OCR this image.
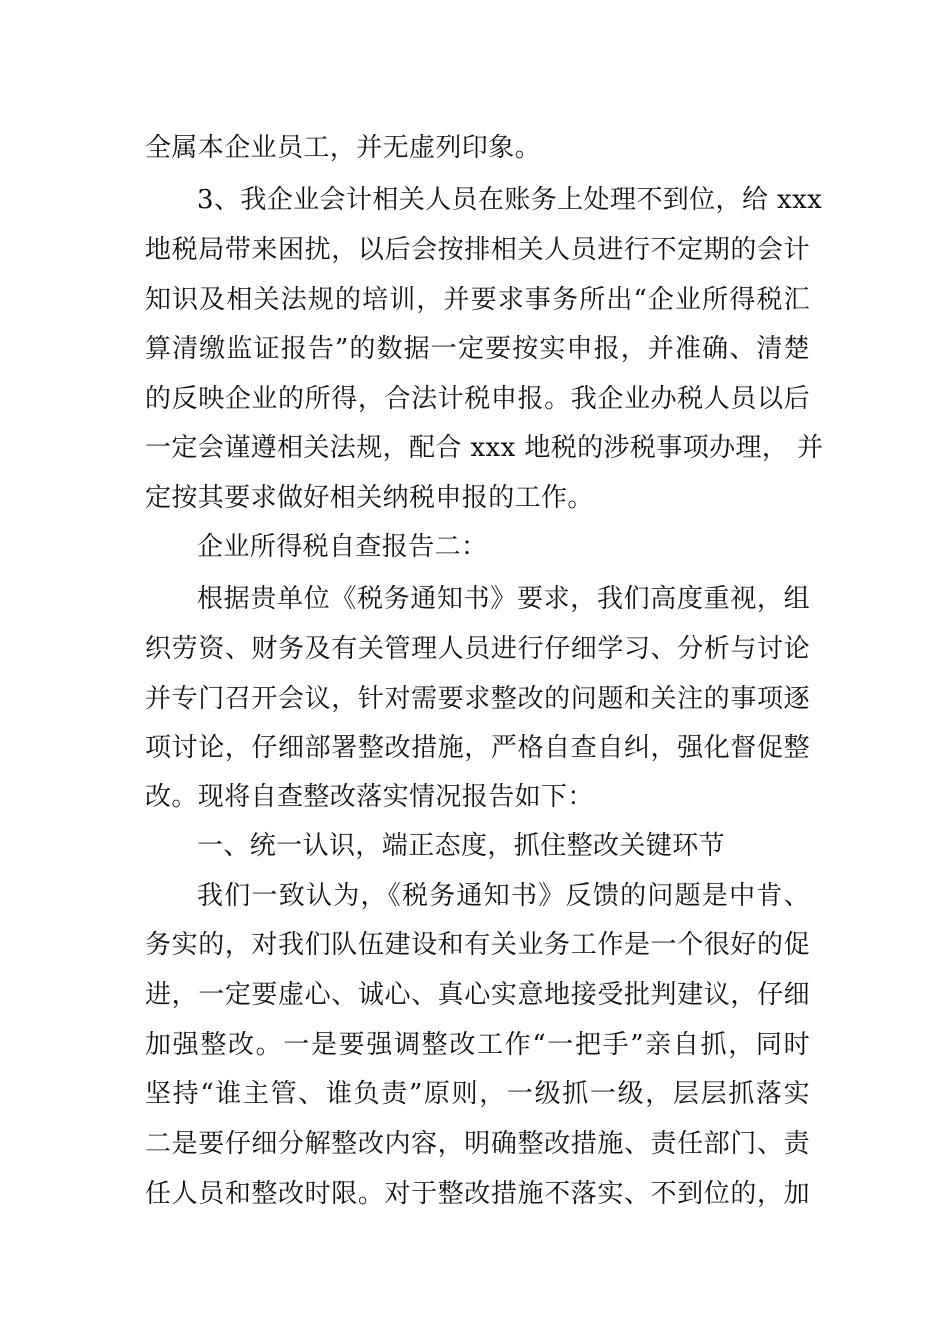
全属本企业员工，并无虚列印象。
3、我企业会计相关人员在账务上处理不到位，给 xxx
地税局带来困扰，以后会按排相关人员进行不定期的会计
知识及相关法规的培训，并要求事务所出“企业所得税汇
算清缴监证报告”的数据一定要按实申报，并准确、清楚
的反映企业的所得，合法计税申报。我企业办税人员以后
一定会谨遵相关法规，配合 xxx 地税的涉税事项办理， 并
定按其要求做好相关纳税申报的工作。
企业所得税自查报告二：
根据贵单位《税务通知书》要求，我们高度重视，组
织劳资、财务及有关管理人员进行仔细学习、分析与讨论
并专门召开会议，针对需要求整改的问题和关注的事项逐
项讨论，仔细部署整改措施，严格自查自纠，强化督促整
改。现将自查整改落实情况报告如下：
一、统一认识，端正态度，抓住整改关键环节
我们一致认为，《税务通知书》反馈的问题是中肯、
务实的，对我们队伍建设和有关业务工作是一个很好的促
进，一定要虚心、诚心、真心实意地接受批判建议，仔细
加强整改。一是要强调整改工作“一把手”亲自抓，同时
坚持“谁主管、谁负责”原则，一级抓一级，层层抓落实
二是要仔细分解整改内容，明确整改措施、责任部门、责
任人员和整改时限。对于整改措施不落实、不到位的，加
